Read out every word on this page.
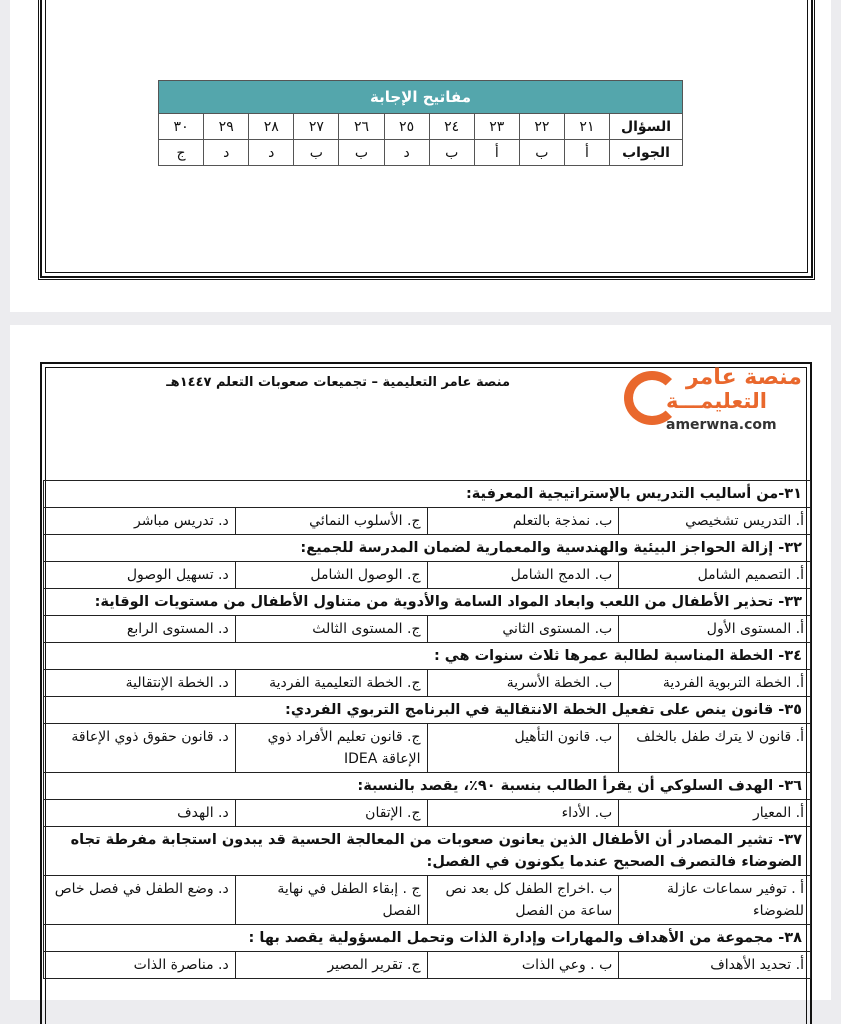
مفاتيح الإجابة										
السؤال	٢١	٢٢	٢٣	٢٤	٢٥	٢٦	٢٧	٢٨	٢٩	٣٠
الجواب	أ	ب	أ	ب	د	ب	ب	د	د	ج
منصة عامر التعليمية – تجميعات صعوبات التعلم ١٤٤٧هـ	منصة عامر
التعليمـــة
amerwna.com
٣١-من أساليب التدريس بالإستراتيجية المعرفية:			
أ. التدريس تشخيصي	ب. نمذجة بالتعلم	ج. الأسلوب النمائي	د. تدريس مباشر
٣٢- إزالة الحواجز البيئية والهندسية والمعمارية لضمان المدرسة للجميع:			
أ. التصميم الشامل	ب. الدمج الشامل	ج. الوصول الشامل	د. تسهيل الوصول
٣٣- تحذير الأطفال من اللعب وابعاد المواد السامة والأدوية من متناول الأطفال من مستويات الوقاية:			
أ. المستوى الأول	ب. المستوى الثاني	ج. المستوى الثالث	د. المستوى الرابع
٣٤- الخطة المناسبة لطالبة عمرها ثلاث سنوات هي :			
أ. الخطة التربوية الفردية	ب. الخطة الأسرية	ج. الخطة التعليمية الفردية	د. الخطة الإنتقالية
٣٥- قانون ينص على تفعيل الخطة الانتقالية في البرنامج التربوي الفردي:			
أ. قانون لا يترك طفل بالخلف	ب. قانون التأهيل	ج. قانون تعليم الأفراد ذوي الإعاقة IDEA	د. قانون حقوق ذوي الإعاقة
٣٦- الهدف السلوكي أن يقرأ الطالب بنسبة ٩٠٪، يقصد بالنسبة:			
أ. المعيار	ب. الأداء	ج. الإتقان	د. الهدف
٣٧- تشير المصادر أن الأطفال الذين يعانون صعوبات من المعالجة الحسية قد يبدون استجابة مفرطة تجاه الضوضاء فالتصرف الصحيح عندما يكونون في الفصل:			
أ . توفير سماعات عازلة للضوضاء	ب .اخراج الطفل كل بعد نص ساعة من الفصل	ج . إبقاء الطفل في نهاية الفصل	د. وضع الطفل في فصل خاص
٣٨- مجموعة من الأهداف والمهارات وإدارة الذات وتحمل المسؤولية يقصد بها :			
أ. تحديد الأهداف	ب . وعي الذات	ج. تقرير المصير	د. مناصرة الذات
